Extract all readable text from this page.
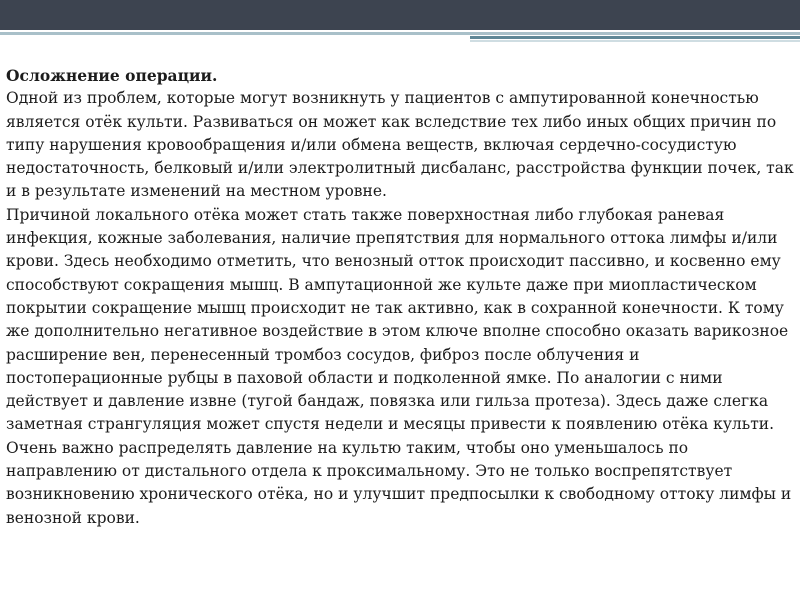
Осложнение операции.

Одной из проблем, которые могут возникнуть у пациентов с ампутированной конечностью является отёк культи. Развиваться он может как вследствие тех либо иных общих причин по типу нарушения кровообращения и/или обмена веществ, включая сердечно-сосудистую недостаточность, белковый и/или электролитный дисбаланс, расстройства функции почек, так и в результате изменений на местном уровне.

Причиной локального отёка может стать также поверхностная либо глубокая раневая инфекция, кожные заболевания, наличие препятствия для нормального оттока лимфы и/или крови. Здесь необходимо отметить, что венозный отток происходит пассивно, и косвенно ему способствуют сокращения мышц. В ампутационной же культе даже при миопластическом покрытии сокращение мышц происходит не так активно, как в сохранной конечности. К тому же дополнительно негативное воздействие в этом ключе вполне способно оказать варикозное расширение вен, перенесенный тромбоз сосудов, фиброз после облучения и постоперационные рубцы в паховой области и подколенной ямке. По аналогии с ними действует и давление извне (тугой бандаж, повязка или гильза протеза). Здесь даже слегка заметная странгуляция может спустя недели и месяцы привести к появлению отёка культи. Очень важно распределять давление на культю таким, чтобы оно уменьшалось по направлению от дистального отдела к проксимальному. Это не только воспрепятствует возникновению хронического отёка, но и улучшит предпосылки к свободному оттоку лимфы и венозной крови.
